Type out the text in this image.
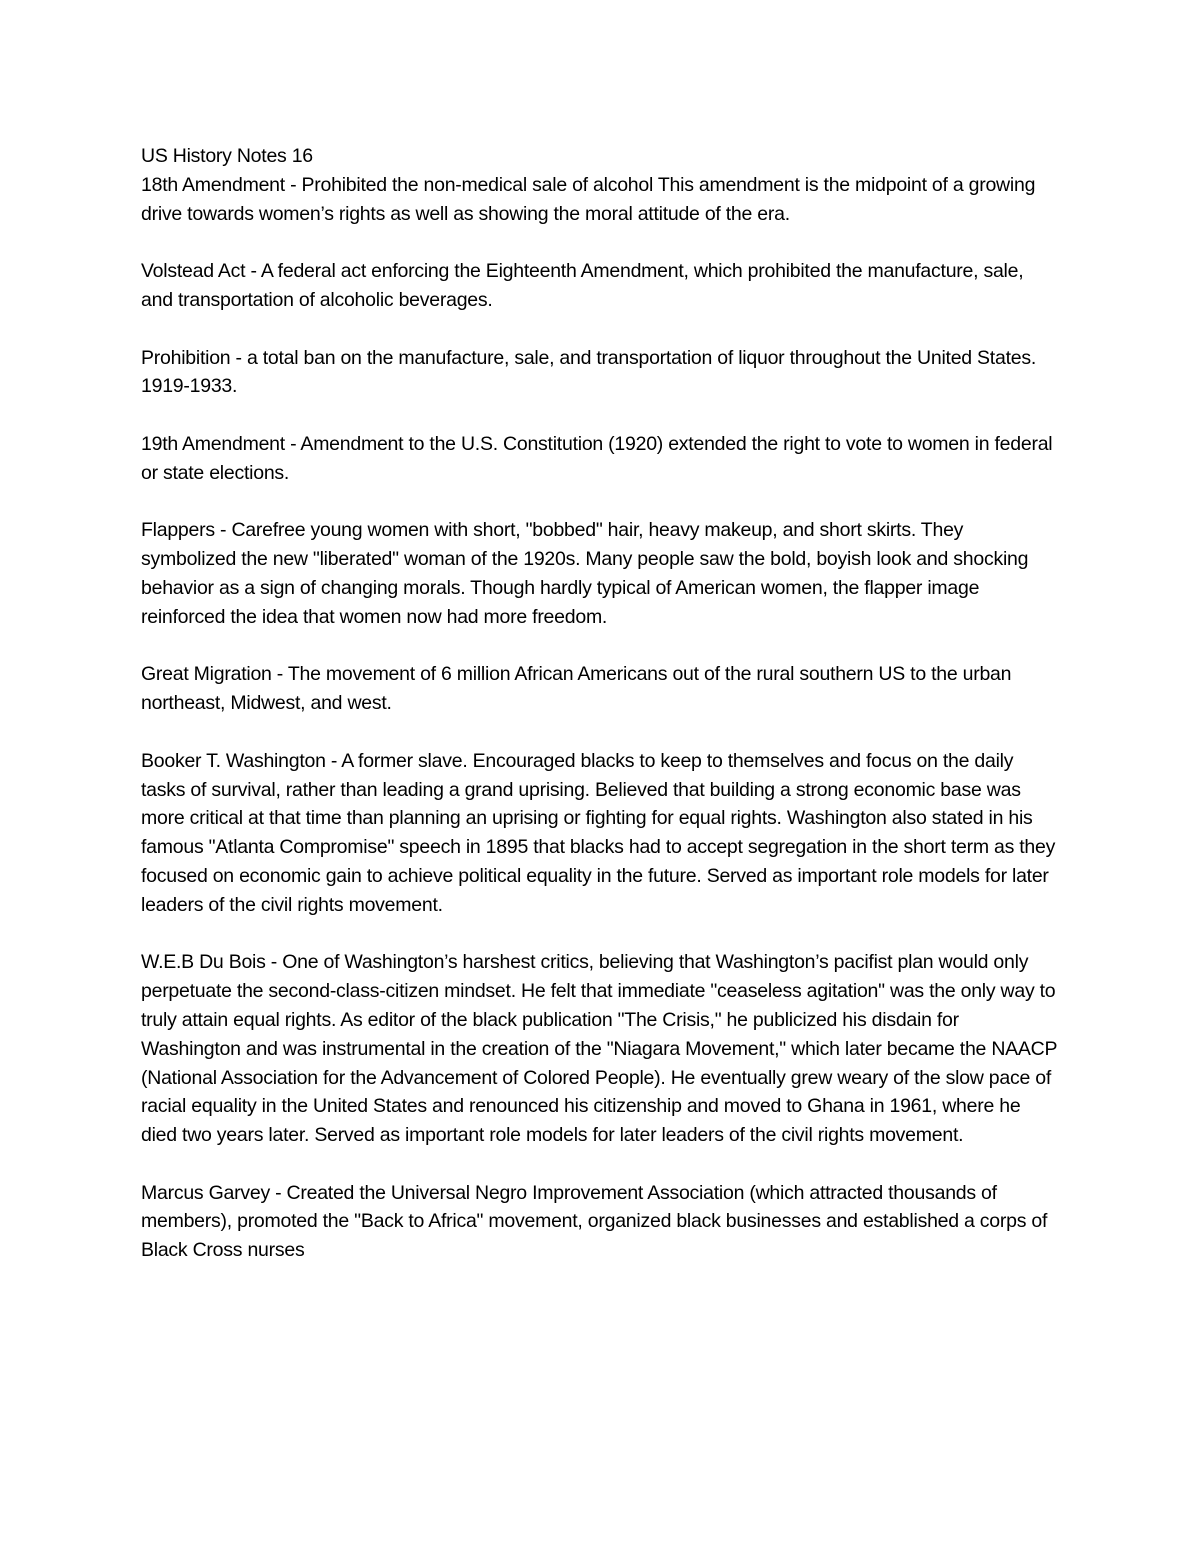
US History Notes 16

18th Amendment - Prohibited the non-medical sale of alcohol This amendment is the midpoint of a growing drive towards women’s rights as well as showing the moral attitude of the era.

Volstead Act - A federal act enforcing the Eighteenth Amendment, which prohibited the manufacture, sale, and transportation of alcoholic beverages.

Prohibition - a total ban on the manufacture, sale, and transportation of liquor throughout the United States. 1919-1933.

19th Amendment - Amendment to the U.S. Constitution (1920) extended the right to vote to women in federal or state elections.

Flappers - Carefree young women with short, "bobbed" hair, heavy makeup, and short skirts. They symbolized the new "liberated" woman of the 1920s. Many people saw the bold, boyish look and shocking behavior as a sign of changing morals. Though hardly typical of American women, the flapper image reinforced the idea that women now had more freedom.

Great Migration - The movement of 6 million African Americans out of the rural southern US to the urban northeast, Midwest, and west.

Booker T. Washington - A former slave. Encouraged blacks to keep to themselves and focus on the daily tasks of survival, rather than leading a grand uprising. Believed that building a strong economic base was more critical at that time than planning an uprising or fighting for equal rights. Washington also stated in his famous "Atlanta Compromise" speech in 1895 that blacks had to accept segregation in the short term as they focused on economic gain to achieve political equality in the future. Served as important role models for later leaders of the civil rights movement.

W.E.B Du Bois - One of Washington’s harshest critics, believing that Washington’s pacifist plan would only perpetuate the second-class-citizen mindset. He felt that immediate "ceaseless agitation" was the only way to truly attain equal rights. As editor of the black publication "The Crisis," he publicized his disdain for Washington and was instrumental in the creation of the "Niagara Movement," which later became the NAACP (National Association for the Advancement of Colored People). He eventually grew weary of the slow pace of racial equality in the United States and renounced his citizenship and moved to Ghana in 1961, where he died two years later. Served as important role models for later leaders of the civil rights movement.

Marcus Garvey - Created the Universal Negro Improvement Association (which attracted thousands of members), promoted the "Back to Africa" movement, organized black businesses and established a corps of Black Cross nurses
